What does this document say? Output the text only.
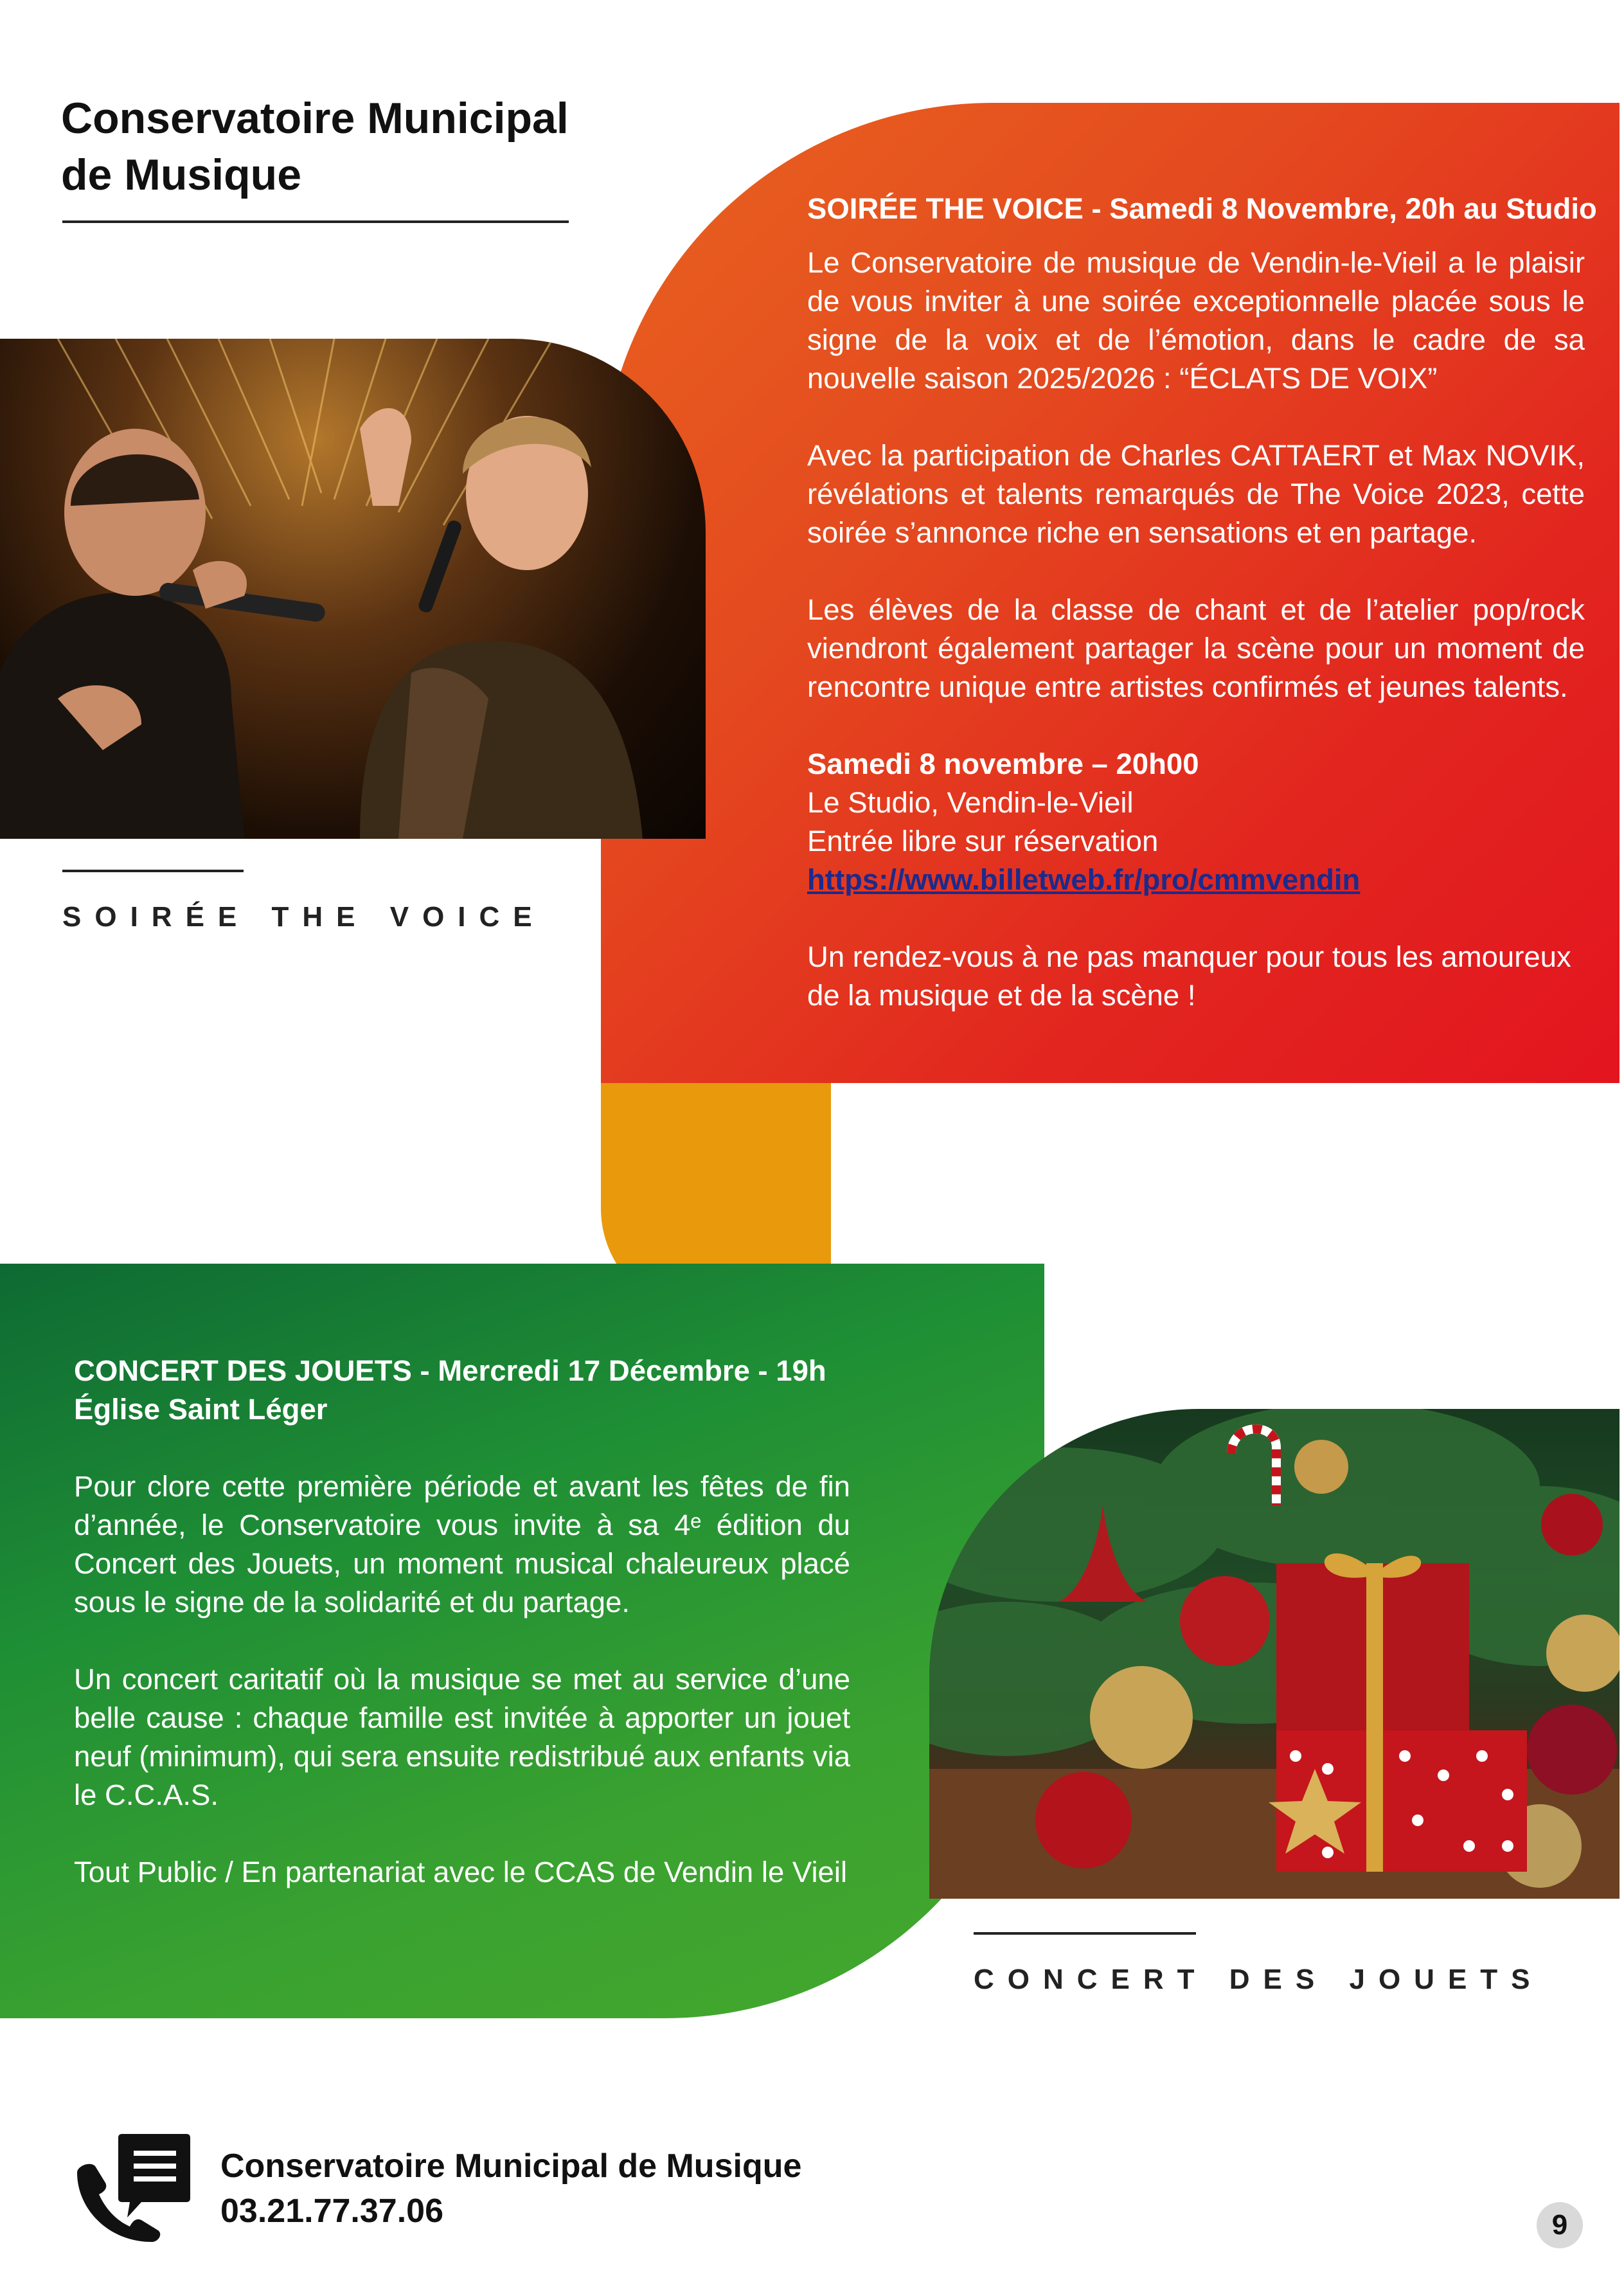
Conservatoire Municipal
de Musique

SOIRÉE THE VOICE - Samedi 8 Novembre, 20h au Studio

Le Conservatoire de musique de Vendin-le-Vieil a le plaisir de vous inviter à une soirée exceptionnelle placée sous le signe de la voix et de l’émotion, dans le cadre de sa nouvelle saison 2025/2026 : “ÉCLATS DE VOIX”

Avec la participation de Charles CATTAERT et Max NOVIK, révélations et talents remarqués de The Voice 2023, cette soirée s’annonce riche en sensations et en partage.

Les élèves de la classe de chant et de l’atelier pop/rock viendront également partager la scène pour un moment de rencontre unique entre artistes confirmés et jeunes talents.

Samedi 8 novembre – 20h00

Le Studio, Vendin-le-Vieil

Entrée libre sur réservation

https://www.billetweb.fr/pro/cmmvendin

Un rendez-vous à ne pas manquer pour tous les amoureux de la musique et de la scène !

SOIRÉE THE VOICE
CONCERT DES JOUETS - Mercredi 17 Décembre - 19h
Église Saint Léger

Pour clore cette première période et avant les fêtes de fin d’année, le Conservatoire vous invite à sa 4ᵉ édition du Concert des Jouets, un moment musical chaleureux placé sous le signe de la solidarité et du partage.

Un concert caritatif où la musique se met au service d’une belle cause : chaque famille est invitée à apporter un jouet neuf (minimum), qui sera ensuite redistribué aux enfants via le C.C.A.S.

Tout Public / En partenariat avec le CCAS de Vendin le Vieil

CONCERT DES JOUETS
Conservatoire Municipal de Musique
03.21.77.37.06	9
